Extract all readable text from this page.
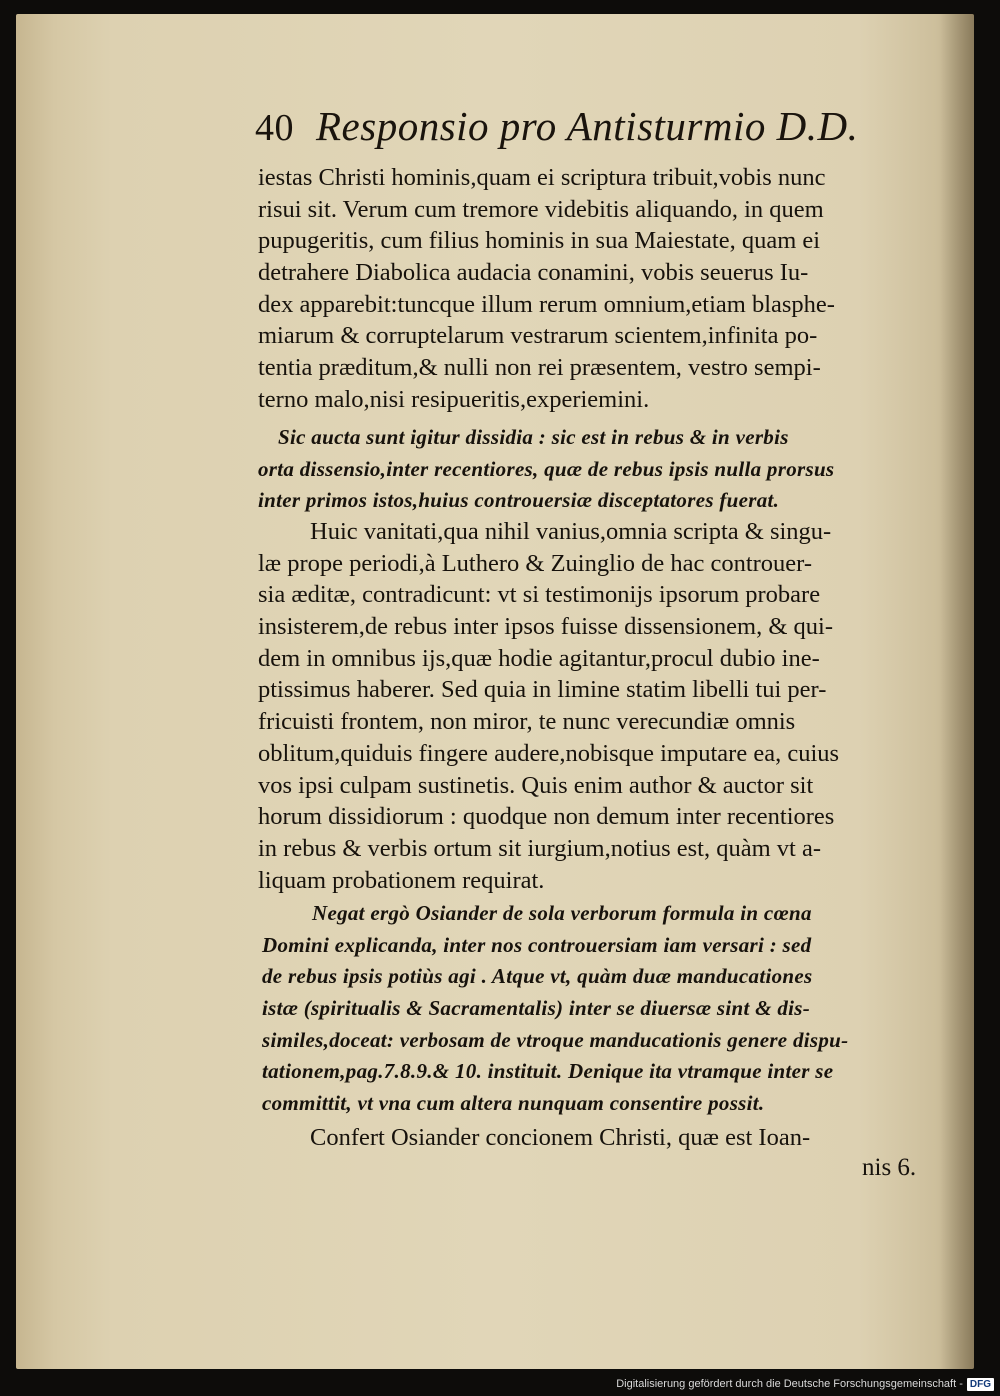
40 Responsio pro Antisturmio D.D.
iestas Christi hominis,quam ei scriptura tribuit,vobis nunc
risui sit. Verum cum tremore videbitis aliquando, in quem
pupugeritis, cum filius hominis in sua Maiestate, quam ei
detrahere Diabolica audacia conamini, vobis seuerus Iu-
dex apparebit:tuncque illum rerum omnium,etiam blasphe-
miarum & corruptelarum vestrarum scientem,infinita po-
tentia præditum,& nulli non rei præsentem, vestro sempi-
terno malo,nisi resipueritis,experiemini.
Sic aucta sunt igitur dissidia : sic est in rebus & in verbis
orta dissensio,inter recentiores, quæ de rebus ipsis nulla prorsus
inter primos istos,huius controuersiæ disceptatores fuerat.
Huic vanitati,qua nihil vanius,omnia scripta & singu-
læ prope periodi,à Luthero & Zuinglio de hac controuer-
sia æditæ, contradicunt: vt si testimonijs ipsorum probare
insisterem,de rebus inter ipsos fuisse dissensionem, & qui-
dem in omnibus ijs,quæ hodie agitantur,procul dubio ine-
ptissimus haberer. Sed quia in limine statim libelli tui per-
fricuisti frontem, non miror, te nunc verecundiæ omnis
oblitum,quiduis fingere audere,nobisque imputare ea, cuius
vos ipsi culpam sustinetis. Quis enim author & auctor sit
horum dissidiorum : quodque non demum inter recentiores
in rebus & verbis ortum sit iurgium,notius est, quàm vt a-
liquam probationem requirat.
Negat ergò Osiander de sola verborum formula in cœna
Domini explicanda, inter nos controuersiam iam versari : sed
de rebus ipsis potiùs agi . Atque vt, quàm duæ manducationes
istæ (spiritualis & Sacramentalis) inter se diuersæ sint & dis-
similes,doceat: verbosam de vtroque manducationis genere dispu-
tationem,pag.7.8.9.& 10. instituit. Denique ita vtramque inter se
committit, vt vna cum altera nunquam consentire possit.
Confert Osiander concionem Christi, quæ est Ioan-
nis 6.
Digitalisierung gefördert durch die Deutsche Forschungsgemeinschaft - DFG
